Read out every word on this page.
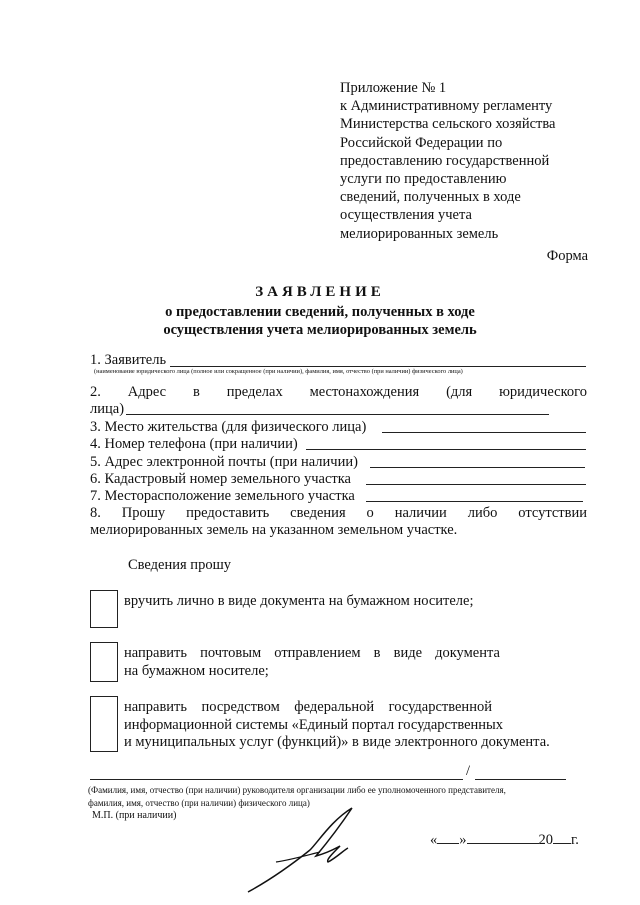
Приложение № 1
к Административному регламенту
Министерства сельского хозяйства
Российской Федерации по
предоставлению государственной
услуги по предоставлению
сведений, полученных в ходе
осуществления учета
мелиорированных земель
Форма
ЗАЯВЛЕНИЕ
о предоставлении сведений, полученных в ходе
осуществления учета мелиорированных земель
1. Заявитель
(наименование юридического лица (полное или сокращенное (при наличии), фамилия, имя, отчество (при наличии) физического лица)
2. Адрес в пределах местонахождения (для юридического
лица)
3. Место жительства (для физического лица)
4. Номер телефона (при наличии)
5. Адрес электронной почты (при наличии)
6. Кадастровый номер земельного участка
7. Месторасположение земельного участка
8. Прошу предоставить сведения о наличии либо отсутствии
мелиорированных земель на указанном земельном участке.
Сведения прошу
вручить лично в виде документа на бумажном носителе;
направить почтовым отправлением в виде документа
на бумажном носителе;
направить посредством федеральной государственной
информационной системы «Единый портал государственных
и муниципальных услуг (функций)» в виде электронного документа.
/
(Фамилия, имя, отчество (при наличии) руководителя организации либо ее уполномоченного представителя,
фамилия, имя, отчество (при наличии) физического лица)
М.П. (при наличии)
« »	20 г.
